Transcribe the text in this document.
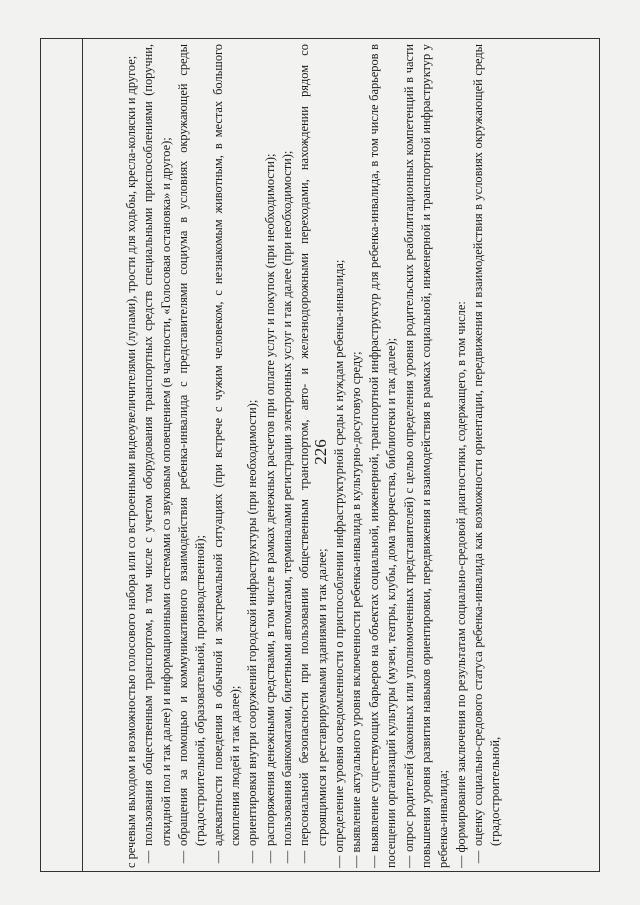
226

с речевым выходом и возможностью голосового набора или со встроенными видеоувеличителями (лупами), трости для ходьбы, кресла-коляски и другое; —
пользования общественным транспортом, в том числе с учетом оборудования транспортных средств специальными приспособлениями (поручни, откидной пол и так далее) и информационными системами со звуковым оповещением (в частности, «Голосовая остановка» и другое);
—
обращения за помощью и коммуникативного взаимодействия ребенка-инвалида с представителями социума в условиях окружающей среды (градостроительной, образовательной, производственной);
—
адекватности поведения в обычной и экстремальной ситуациях (при встрече с чужим человеком, с незнакомым животным, в местах большого скопления людей и так далее);
—
ориентировки внутри сооружений городской инфраструктуры (при необходимости);
—
распоряжения денежными средствами, в том числе в рамках денежных расчетов при оплате услуг и покупок (при необходимости);
—
пользования банкоматами, билетными автоматами, терминалами регистрации электронных услуг и так далее (при необходимости);
—
персональной безопасности при пользовании общественным транспортом, авто- и железнодорожными переходами, нахождении рядом со строящимися и реставрируемыми зданиями и так далее; — определение уровня осведомленности о приспособлении инфраструктурной среды к нуждам ребенка-инвалида; — выявление актуального уровня включенности ребенка-инвалида в культурно-досуговую среду; — выявление существующих барьеров на объектах социальной, инженерной, транспортной инфраструктур для ребенка-инвалида, в том числе барьеров в посещении организаций культуры (музеи, театры, клубы, дома творчества, библиотеки и так далее); — опрос родителей (законных или уполномоченных представителей) с целью определения уровня родительских реабилитационных компетенций в части повышения уровня развития навыков ориентировки, передвижения и взаимодействия в рамках социальной, инженерной и транспортной инфраструктур у ребенка-инвалида; — формирование заключения по результатам социально-средовой диагностики, содержащего, в том числе: —
оценку социально-средового статуса ребенка-инвалида как возможности ориентации, передвижения и взаимодействия в условиях окружающей среды (градостроительной,
